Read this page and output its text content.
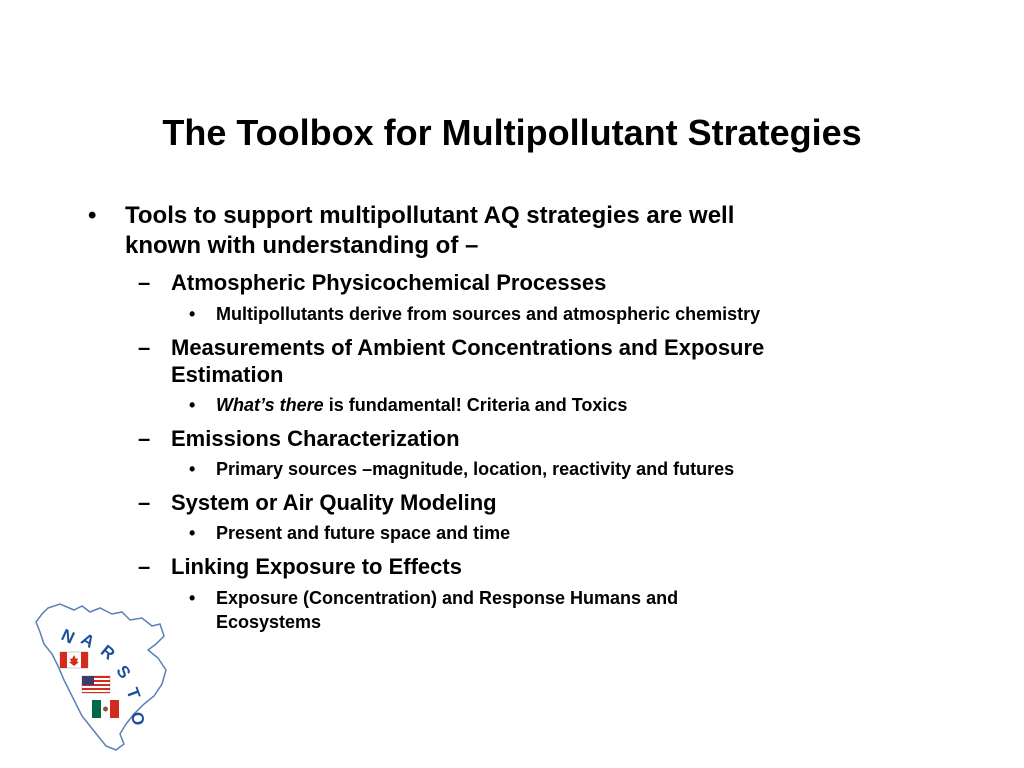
The Toolbox for Multipollutant Strategies
• Tools to support multipollutant AQ strategies are well
known with understanding of –
– Atmospheric Physicochemical Processes
• Multipollutants derive from sources and atmospheric chemistry
– Measurements of Ambient Concentrations and Exposure
Estimation
• What’s there is fundamental! Criteria and Toxics
– Emissions Characterization
• Primary sources –magnitude, location, reactivity and futures
– System or Air Quality Modeling
• Present and future space and time
– Linking Exposure to Effects
• Exposure (Concentration) and Response Humans and
Ecosystems
N A
R
S
T
O
